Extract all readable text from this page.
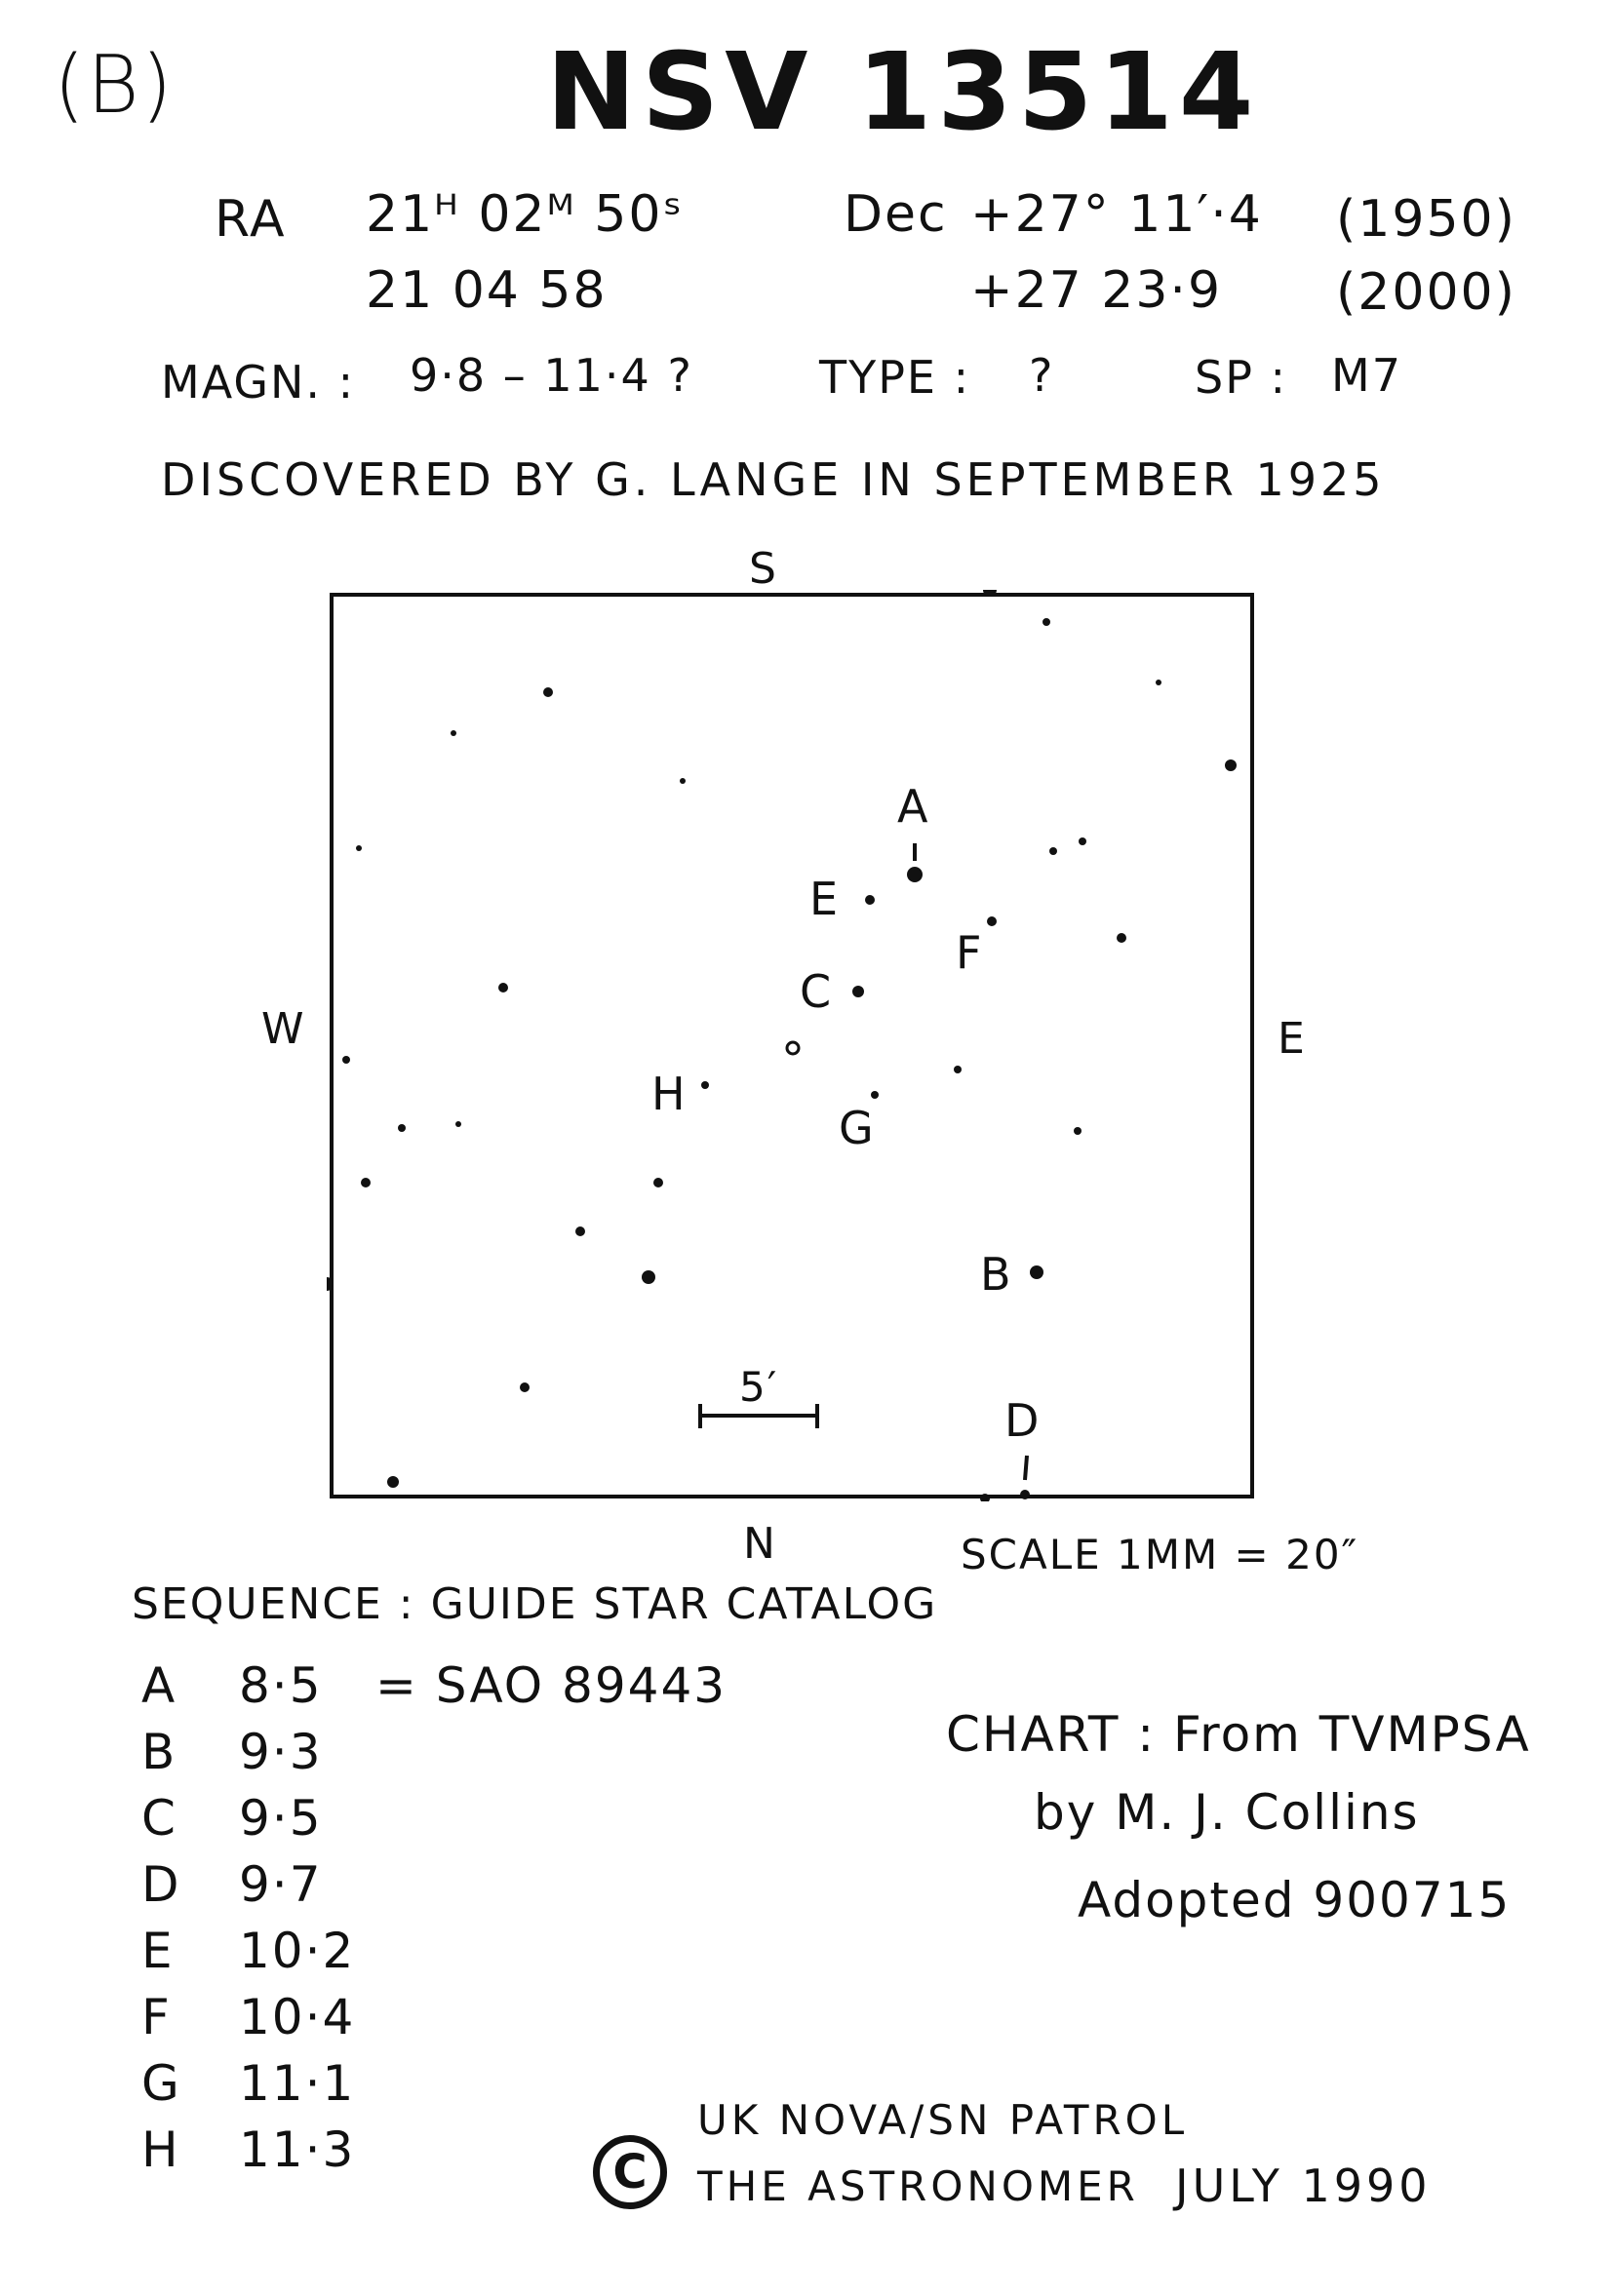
(B)	NSV 13514
RA 21ᴴ 02ᴹ 50ˢ	Dec +27° 11′·4 (1950)
21 04 58	+27 23·9 (2000)
MAGN. : 9·8 – 11·4 ?	TYPE : ?	SP : M7
DISCOVERED BY G. LANGE IN SEPTEMBER 1925
S
N
E
W
A
B
C
D
E
F
G
H
5′
SCALE 1MM = 20″
SEQUENCE : GUIDE STAR CATALOG
A 8·5 = SAO 89443
B 9·3
C 9·5
D 9·7
E 10·2
F 10·4
G 11·1
H 11·3
CHART : From TVMPSA
by M. J. Collins
Adopted 900715
C
UK NOVA/SN PATROL
THE ASTRONOMER JULY 1990
